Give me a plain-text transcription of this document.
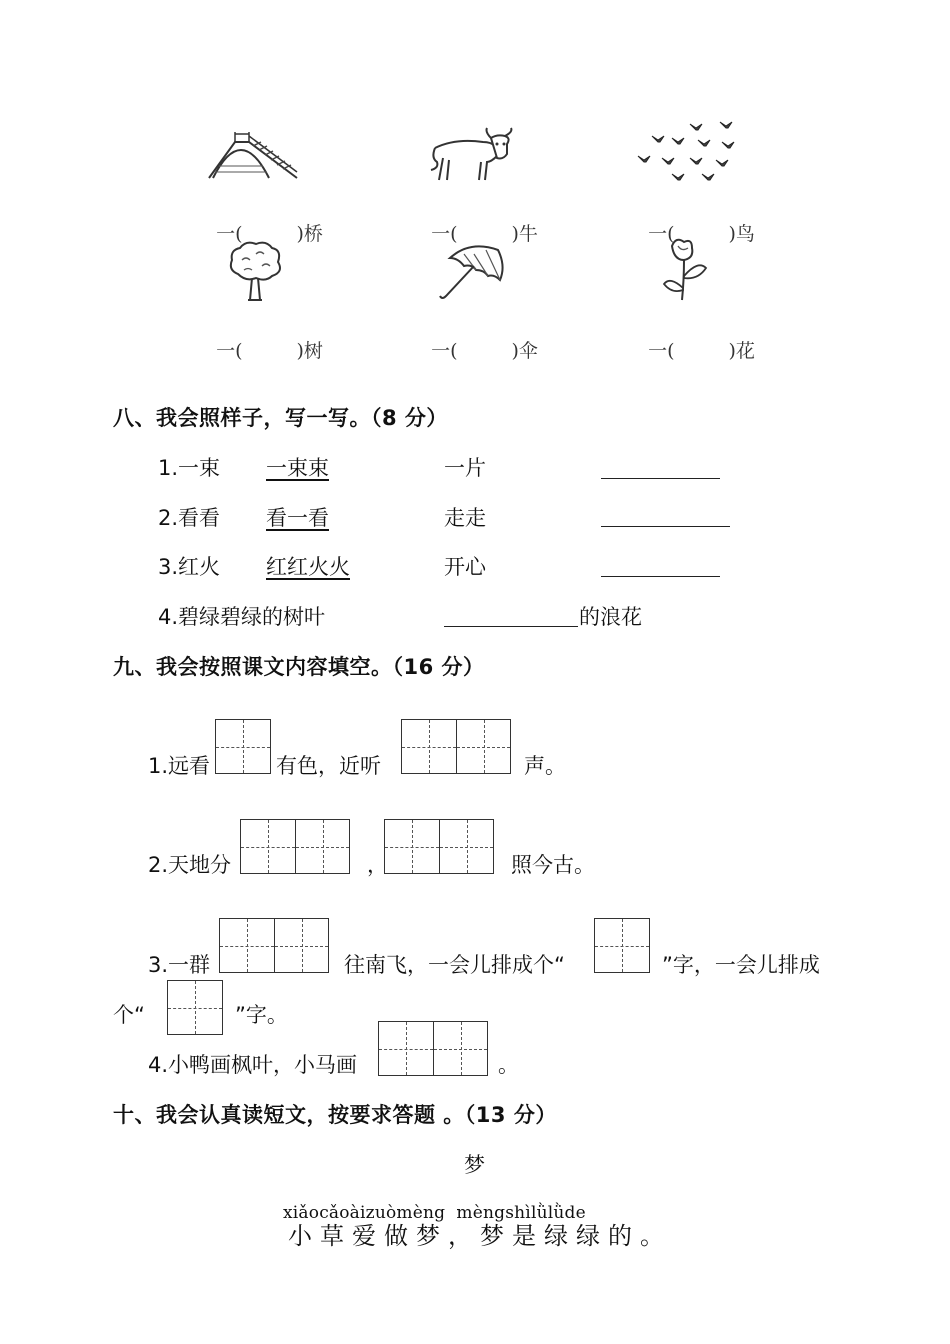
一(	)桥	一(	)牛	一(	)鸟

一(	)树	一(	)伞	一(	)花

八、我会照样子，写一写。（8 分）
1.一束 一束束	一片
2.看看 看一看	走走
3.红火 红红火火	开心
4.碧绿碧绿的树叶	的浪花
九、我会按照课文内容填空。（16 分）
1.远看	有色，近听	声。
2.天地分	，	照今古。
3.一群	往南飞，一会儿排成个“	”字，一会儿排成
个“	”字。
4.小鸭画枫叶，小马画	。
十、我会认真读短文，按要求答题 。（13 分）
梦
xiǎocǎoàizuòmèng  mèngshìlǜlǜde
小草爱做梦，梦是绿绿的。
